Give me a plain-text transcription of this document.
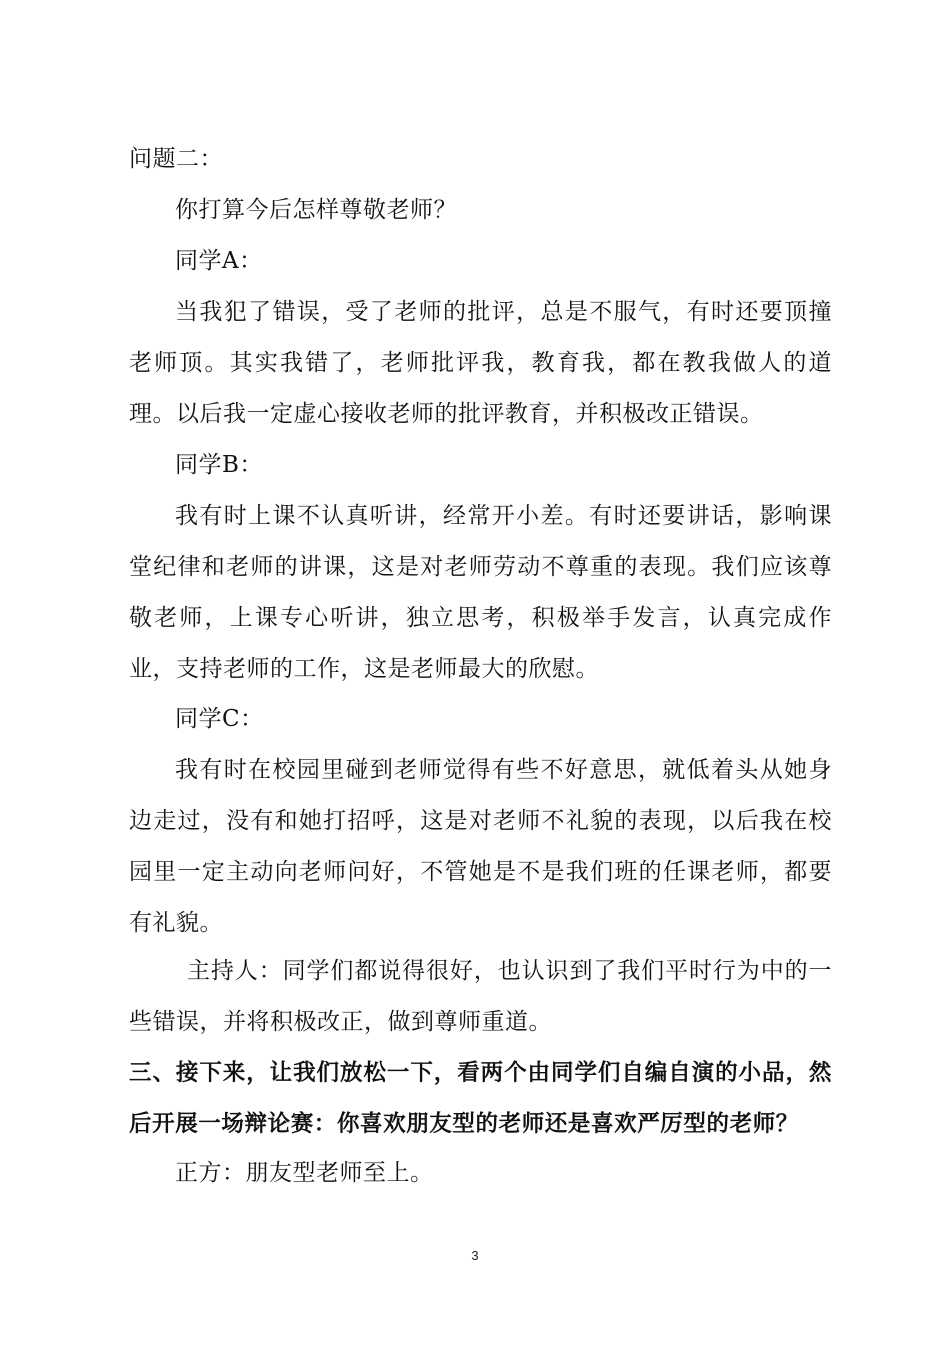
问题二：

你打算今后怎样尊敬老师？

同学A：

当我犯了错误，受了老师的批评，总是不服气，有时还要顶撞老师顶。其实我错了，老师批评我，教育我，都在教我做人的道理。以后我一定虚心接收老师的批评教育，并积极改正错误。

同学B：

我有时上课不认真听讲，经常开小差。有时还要讲话，影响课堂纪律和老师的讲课，这是对老师劳动不尊重的表现。我们应该尊敬老师，上课专心听讲，独立思考，积极举手发言，认真完成作业，支持老师的工作，这是老师最大的欣慰。

同学C：

我有时在校园里碰到老师觉得有些不好意思，就低着头从她身边走过，没有和她打招呼，这是对老师不礼貌的表现，以后我在校园里一定主动向老师问好，不管她是不是我们班的任课老师，都要有礼貌。

主持人：同学们都说得很好，也认识到了我们平时行为中的一些错误，并将积极改正，做到尊师重道。

三、接下来，让我们放松一下，看两个由同学们自编自演的小品，然后开展一场辩论赛：你喜欢朋友型的老师还是喜欢严厉型的老师？

正方：朋友型老师至上。

3
